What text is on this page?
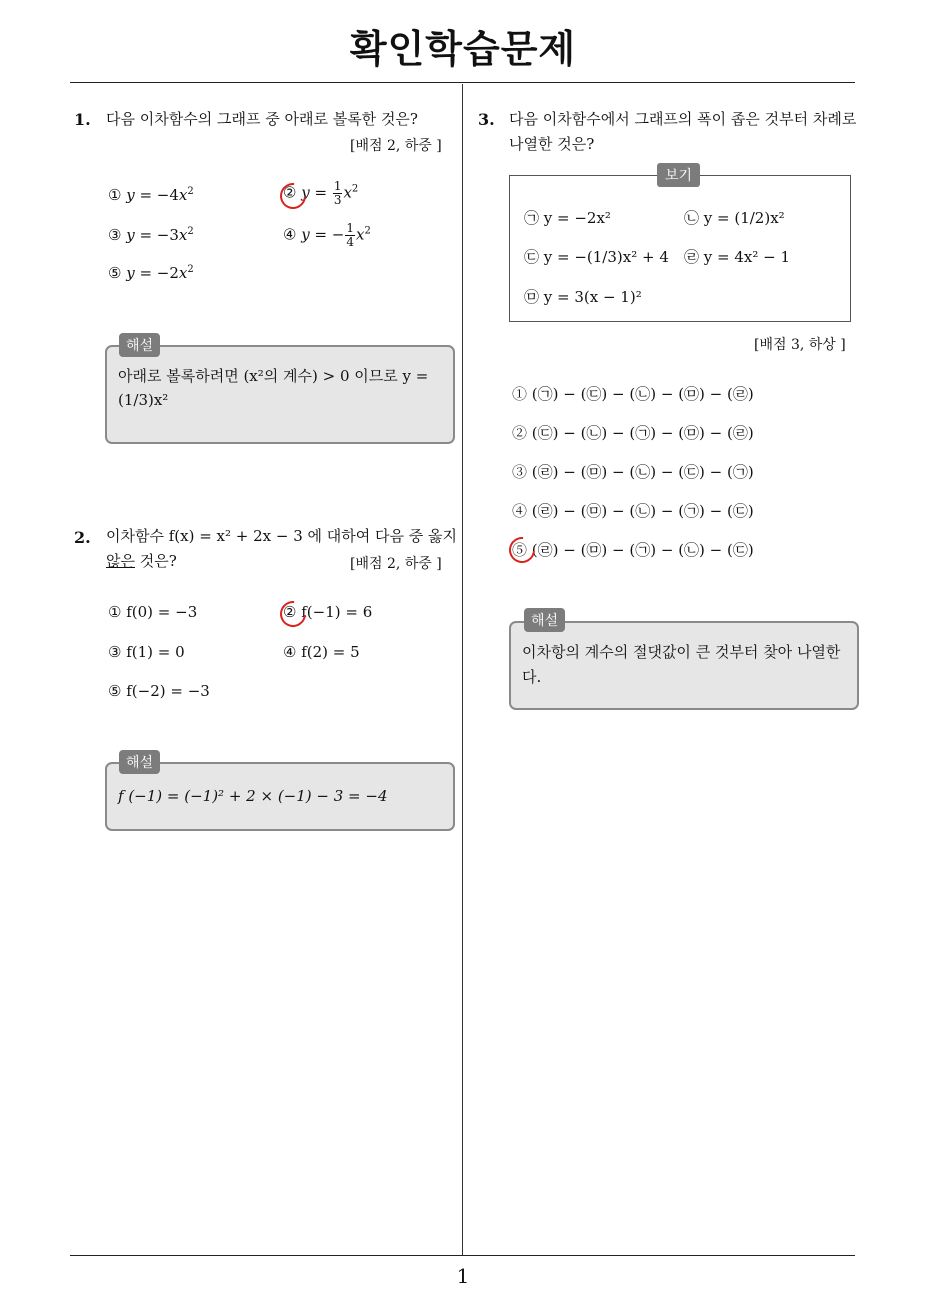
확인학습문제
1. 다음 이차함수의 그래프 중 아래로 볼록한 것은?
[배점 2, 하중 ]
① $y = -4x^2$	② $y = \frac{1}{3} x^2$
③ $y = -3x^2$	④ y = − $\frac{1}{4} x^2$
⑤ $y = -2x^2$
해설
아래로 볼록하려면 (x²의 계수) > 0 이므로 y =
(1/3)x²
2. 이차함수 f(x) = x² + 2x − 3 에 대하여 다음 중 옳지
않은 것은?	[배점 2, 하중 ]
① f(0) = −3	② f(−1) = 6
③ f(1) = 0	④ f(2) = 5
⑤ f(−2) = −3
해설
f (−1) = (−1)² + 2 × (−1) − 3 = −4
3. 다음 이차함수에서 그래프의 폭이 좁은 것부터 차례로
나열한 것은?
보기
㉠ y = −2x²	㉡ y = (1/2)x²
㉢ y = −(1/3)x² + 4 ㉣ y = 4x² − 1
㉤ y = 3(x − 1)²
[배점 3, 하상 ]
① (㉠) − (㉢) − (㉡) − (㉤) − (㉣)
② (㉢) − (㉡) − (㉠) − (㉤) − (㉣)
③ (㉣) − (㉤) − (㉡) − (㉢) − (㉠)
④ (㉣) − (㉤) − (㉡) − (㉠) − (㉢)
⑤ (㉣) − (㉤) − (㉠) − (㉡) − (㉢)
해설
이차항의 계수의 절댓값이 큰 것부터 찾아 나열한
다.
1
